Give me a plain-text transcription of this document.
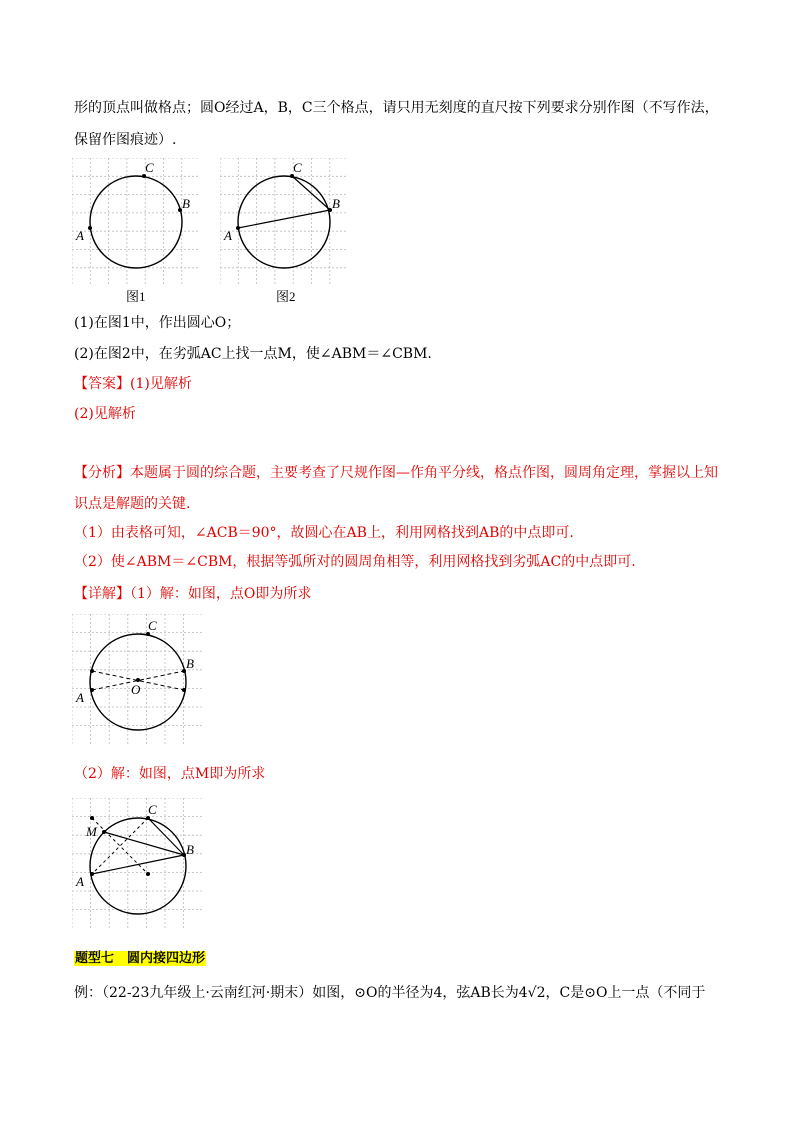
形的顶点叫做格点；圆O经过A，B，C三个格点，请只用无刻度的直尺按下列要求分别作图（不写作法，
保留作图痕迹）.
C
B
A
图1
C
B
A
图2
(1)在图1中，作出圆心O；
(2)在图2中，在劣弧AC上找一点M，使∠ABM＝∠CBM.
【答案】(1)见解析
(2)见解析
【分析】本题属于圆的综合题，主要考查了尺规作图—作角平分线，格点作图，圆周角定理，掌握以上知
识点是解题的关键.
（1）由表格可知，∠ACB＝90°，故圆心在AB上，利用网格找到AB的中点即可.
（2）使∠ABM＝∠CBM，根据等弧所对的圆周角相等，利用网格找到劣弧AC的中点即可.
【详解】（1）解：如图，点O即为所求
C
B
A
O
（2）解：如图，点M即为所求
C
B
A
M
题型七　圆内接四边形
例：（22-23九年级上·云南红河·期末）如图，⊙O的半径为4，弦AB长为4√2，C是⊙O上一点（不同于
